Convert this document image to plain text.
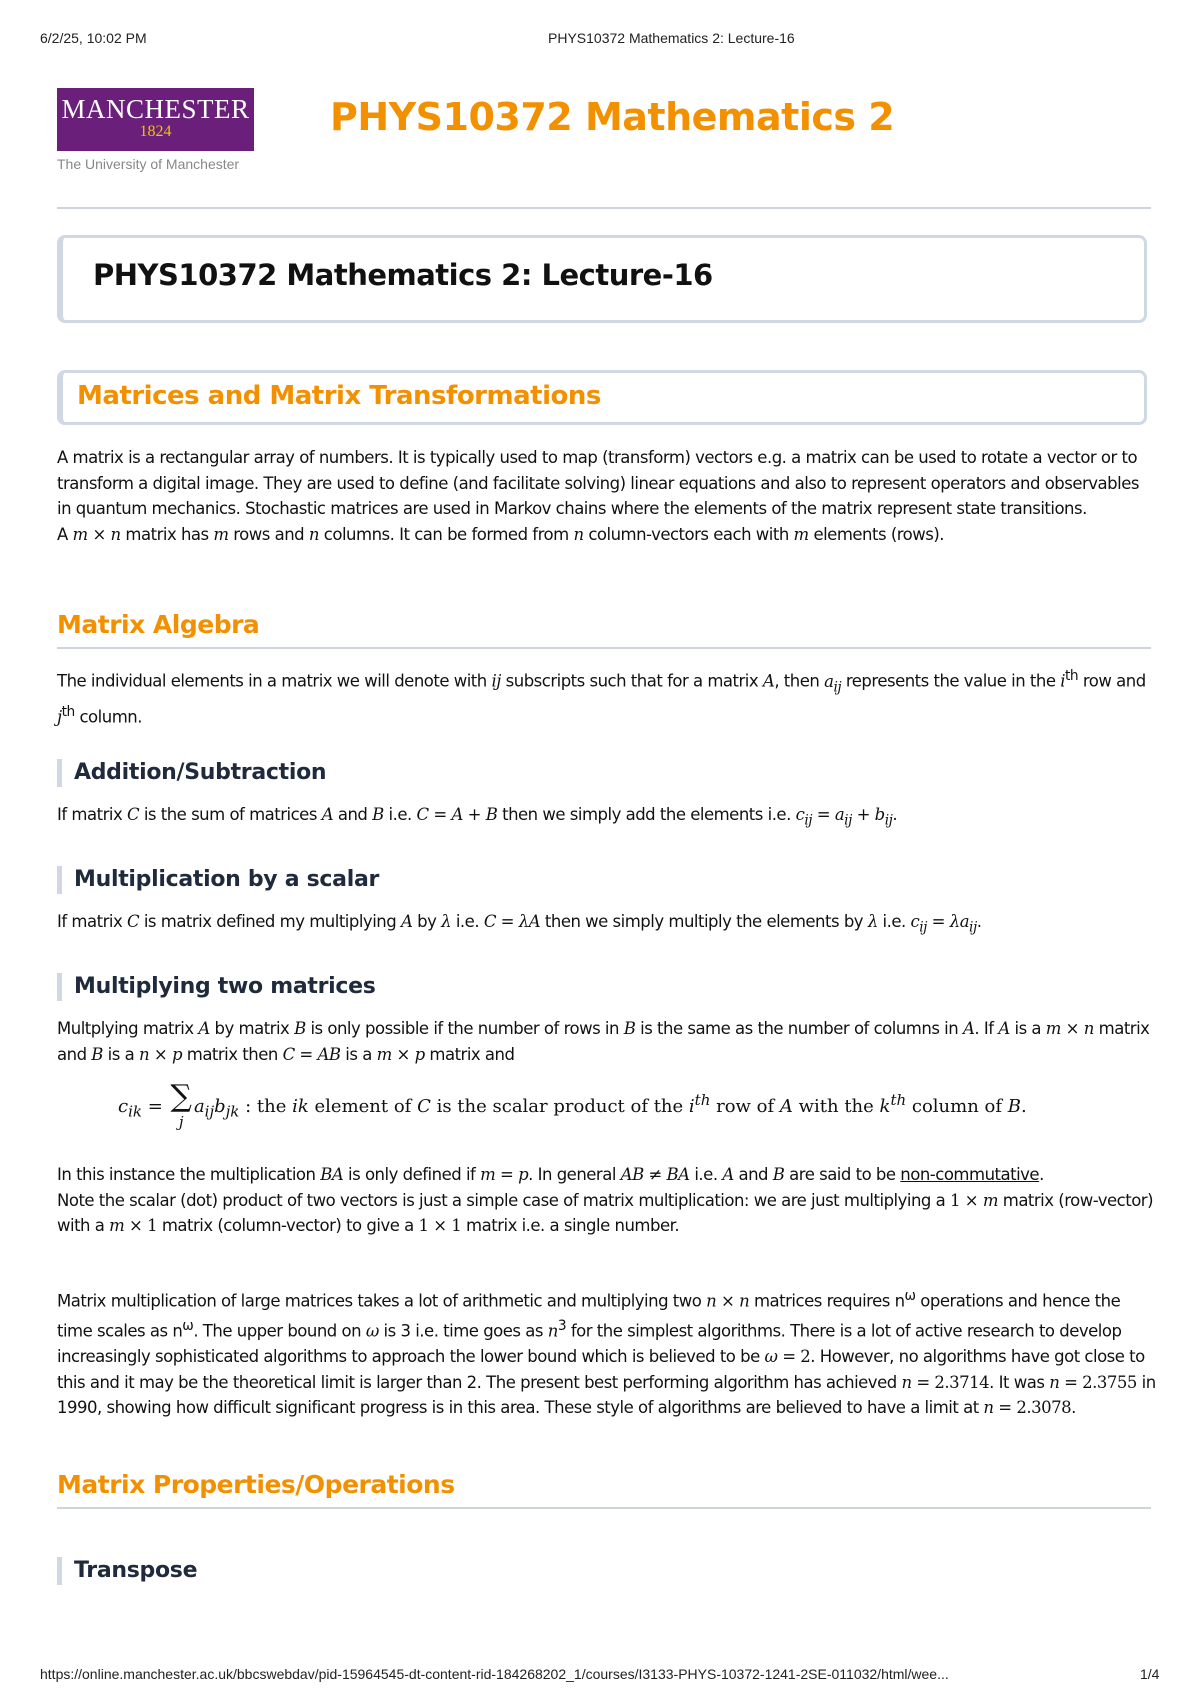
6/2/25, 10:02 PM	PHYS10372 Mathematics 2: Lecture-16
https://online.manchester.ac.uk/bbcswebdav/pid-15964545-dt-content-rid-184268202_1/courses/I3133-PHYS-10372-1241-2SE-011032/html/wee...	1/4
MANCHESTER
1824
The University of Manchester
PHYS10372 Mathematics 2
PHYS10372 Mathematics 2: Lecture-16
Matrices and Matrix Transformations
A matrix is a rectangular array of numbers. It is typically used to map (transform) vectors e.g. a matrix can be used to rotate a vector or to transform a digital image. They are used to define (and facilitate solving) linear equations and also to represent operators and observables in quantum mechanics. Stochastic matrices are used in Markov chains where the elements of the matrix represent state transitions.
A m × n matrix has m rows and n columns. It can be formed from n column-vectors each with m elements (rows).
Matrix Algebra
The individual elements in a matrix we will denote with ij subscripts such that for a matrix A, then $a_{ij}$ represents the value in the $i^{th}$ row and $j^{th}$ column.
Addition/Subtraction
If matrix C is the sum of matrices A and B i.e. C = A + B then we simply add the elements i.e. $c_{ij} = a_{ij} + b_{ij}$.
Multiplication by a scalar
If matrix C is matrix defined my multiplying A by λ i.e. C = λA then we simply multiply the elements by λ i.e. $c_{ij} = \lambda a_{ij}$.
Multiplying two matrices
Multplying matrix A by matrix B is only possible if the number of rows in B is the same as the number of columns in A. If A is a m × n matrix and B is a n × p matrix then C = AB is a m × p matrix and
$c_{ik}$ = ∑
j
$a_{ij}b_{jk}$ : the ik element of C is the scalar product of the $i^{th}$ row of A with the $k^{th}$ column of B.
In this instance the multiplication BA is only defined if m = p. In general AB ≠ BA i.e. A and B are said to be non-commutative.
Note the scalar (dot) product of two vectors is just a simple case of matrix multiplication: we are just multiplying a 1 × m matrix (row-vector) with a m × 1 matrix (column-vector) to give a 1 × 1 matrix i.e. a single number.
Matrix multiplication of large matrices takes a lot of arithmetic and multiplying two n × n matrices requires $n^\omega$ operations and hence the time scales as $n^\omega$. The upper bound on ω is 3 i.e. time goes as $n^3$ for the simplest algorithms. There is a lot of active research to develop increasingly sophisticated algorithms to approach the lower bound which is believed to be ω = 2. However, no algorithms have got close to this and it may be the theoretical limit is larger than 2. The present best performing algorithm has achieved n = 2.3714. It was n = 2.3755 in 1990, showing how difficult significant progress is in this area. These style of algorithms are believed to have a limit at n = 2.3078.
Matrix Properties/Operations
Transpose
